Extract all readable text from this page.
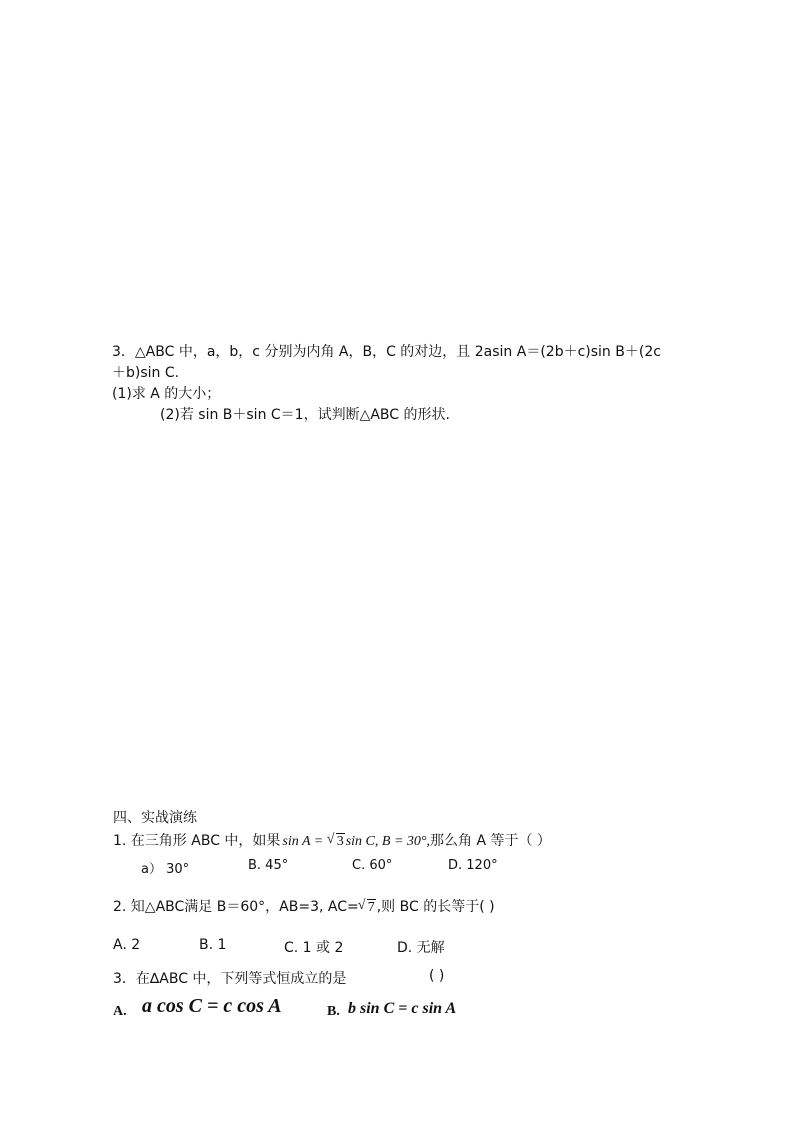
3．△ABC 中，a，b，c 分别为内角 A，B，C 的对边，且 2asin A＝(2b＋c)sin B＋(2c
＋b)sin C.
(1)求 A 的大小；
(2)若 sin B＋sin C＝1，试判断△ABC 的形状.
四、实战演练
1. 在三角形 ABC 中，如果 sin A = √ 3 sin C, B = 30°,那么角 A 等于（ ）
a） 30°	B. 45°	C. 60°	D. 120°
2. 知△ABC满足 B＝60°，AB=3, AC= √ 7 ,则 BC 的长等于( )
A. 2	B. 1	C. 1 或 2	D. 无解
3．在∆ABC 中，下列等式恒成立的是	( )
A. a cos C = c cos A	B. b sin C = c sin A
